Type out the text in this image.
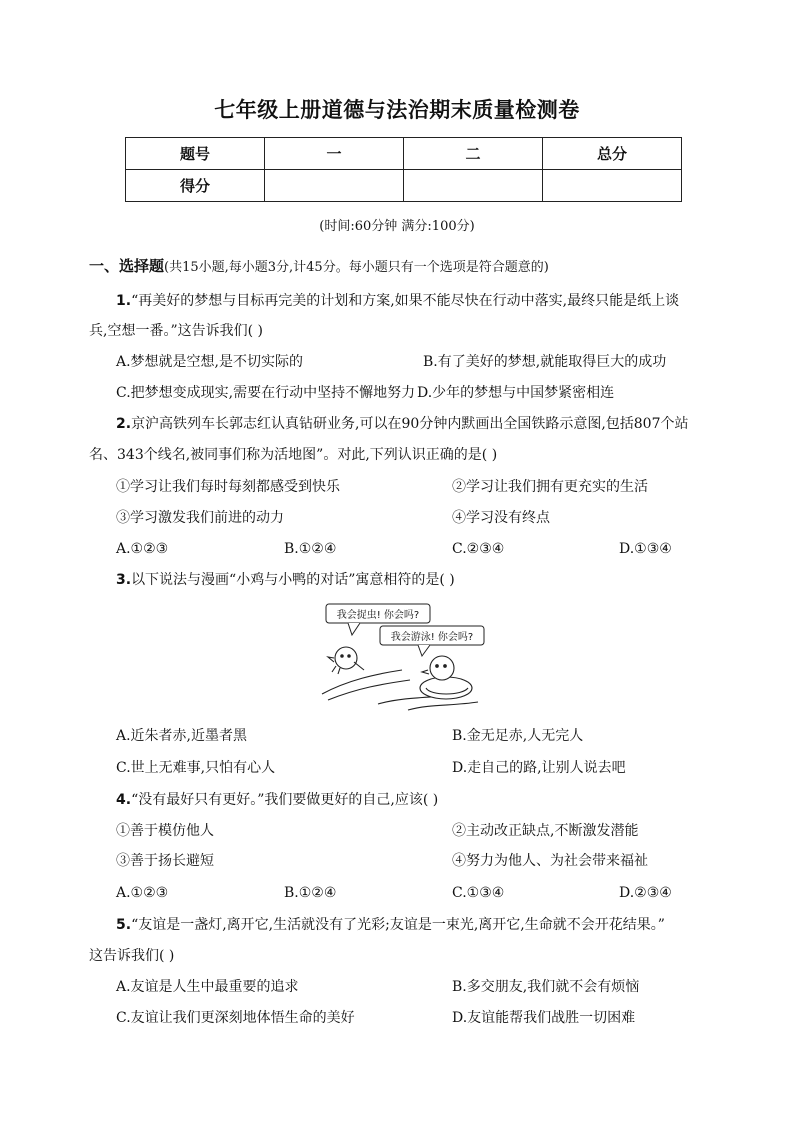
七年级上册道德与法治期末质量检测卷
题号	一	二	总分
得分			
(时间:60分钟 满分:100分)
一、选择题(共15小题,每小题3分,计45分。每小题只有一个选项是符合题意的)
1.“再美好的梦想与目标再完美的计划和方案,如果不能尽快在行动中落实,最终只能是纸上谈
兵,空想一番。”这告诉我们( )
A.梦想就是空想,是不切实际的	B.有了美好的梦想,就能取得巨大的成功
C.把梦想变成现实,需要在行动中坚持不懈地努力 D.少年的梦想与中国梦紧密相连
2.京沪高铁列车长郭志红认真钻研业务,可以在90分钟内默画出全国铁路示意图,包括807个站
名、343个线名,被同事们称为活地图”。对此,下列认识正确的是( )
①学习让我们每时每刻都感受到快乐	②学习让我们拥有更充实的生活
③学习激发我们前进的动力	④学习没有终点
A.①②③	B.①②④	C.②③④	D.①③④
3.以下说法与漫画“小鸡与小鸭的对话”寓意相符的是( )
我会捉虫! 你会吗?
我会游泳! 你会吗?
A.近朱者赤,近墨者黑	B.金无足赤,人无完人
C.世上无难事,只怕有心人	D.走自己的路,让别人说去吧
4.“没有最好只有更好。”我们要做更好的自己,应该( )
①善于模仿他人	②主动改正缺点,不断激发潜能
③善于扬长避短	④努力为他人、为社会带来福祉
A.①②③	B.①②④	C.①③④	D.②③④
5.“友谊是一盏灯,离开它,生活就没有了光彩;友谊是一束光,离开它,生命就不会开花结果。”
这告诉我们( )
A.友谊是人生中最重要的追求	B.多交朋友,我们就不会有烦恼
C.友谊让我们更深刻地体悟生命的美好	D.友谊能帮我们战胜一切困难
